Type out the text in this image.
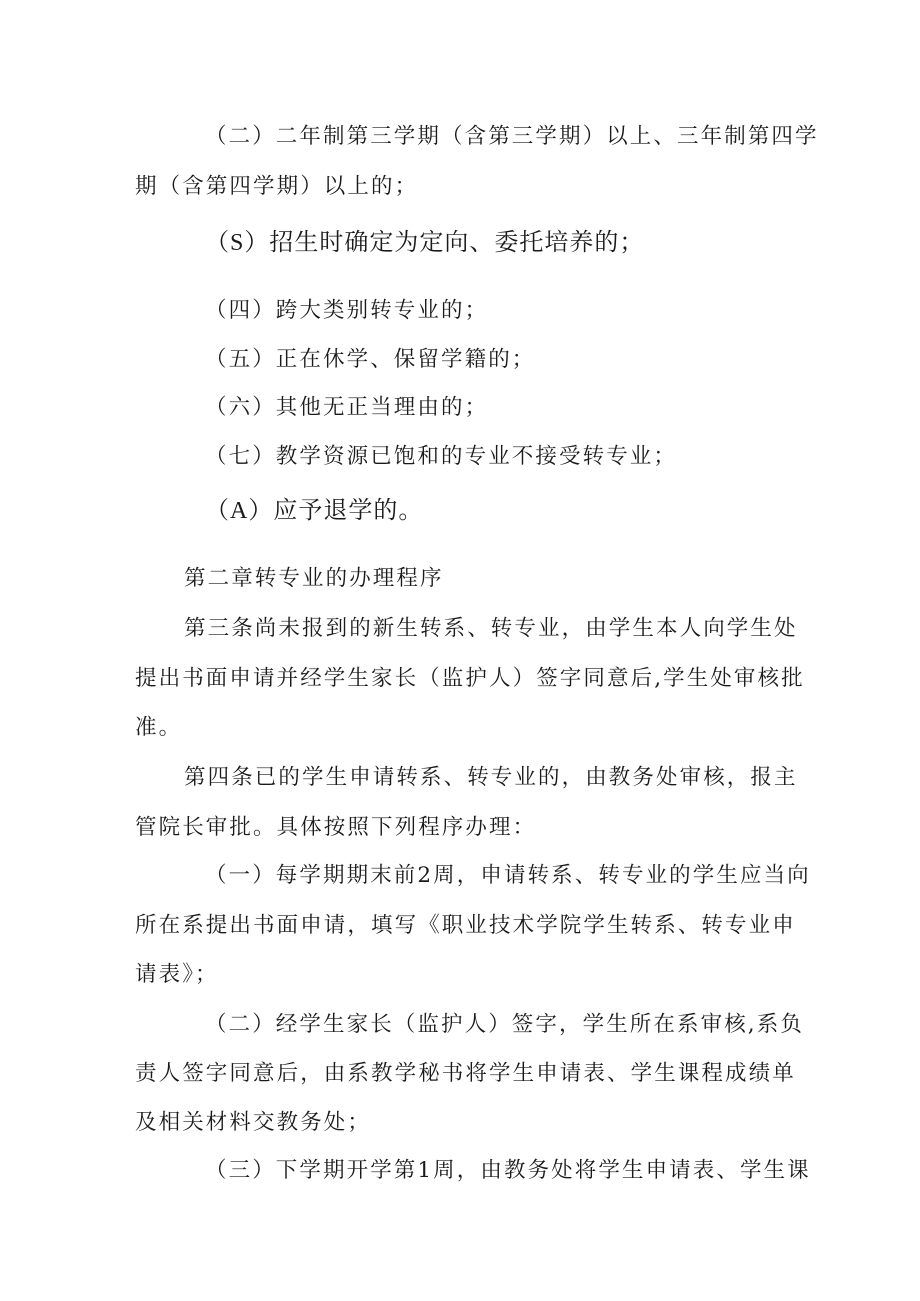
（二）二年制第三学期（含第三学期）以上、三年制第四学

期（含第四学期）以上的；

（S）招生时确定为定向、委托培养的；

（四）跨大类别转专业的；

（五）正在休学、保留学籍的；

（六）其他无正当理由的；

（七）教学资源已饱和的专业不接受转专业；

（A）应予退学的。

第二章转专业的办理程序

第三条尚未报到的新生转系、转专业，由学生本人向学生处

提出书面申请并经学生家长（监护人）签字同意后,学生处审核批

准。

第四条已的学生申请转系、转专业的，由教务处审核，报主

管院长审批。具体按照下列程序办理：

（一）每学期期末前2周，申请转系、转专业的学生应当向

所在系提出书面申请，填写《职业技术学院学生转系、转专业申

请表》；

（二）经学生家长（监护人）签字，学生所在系审核,系负

责人签字同意后，由系教学秘书将学生申请表、学生课程成绩单

及相关材料交教务处；

（三）下学期开学第1周，由教务处将学生申请表、学生课
